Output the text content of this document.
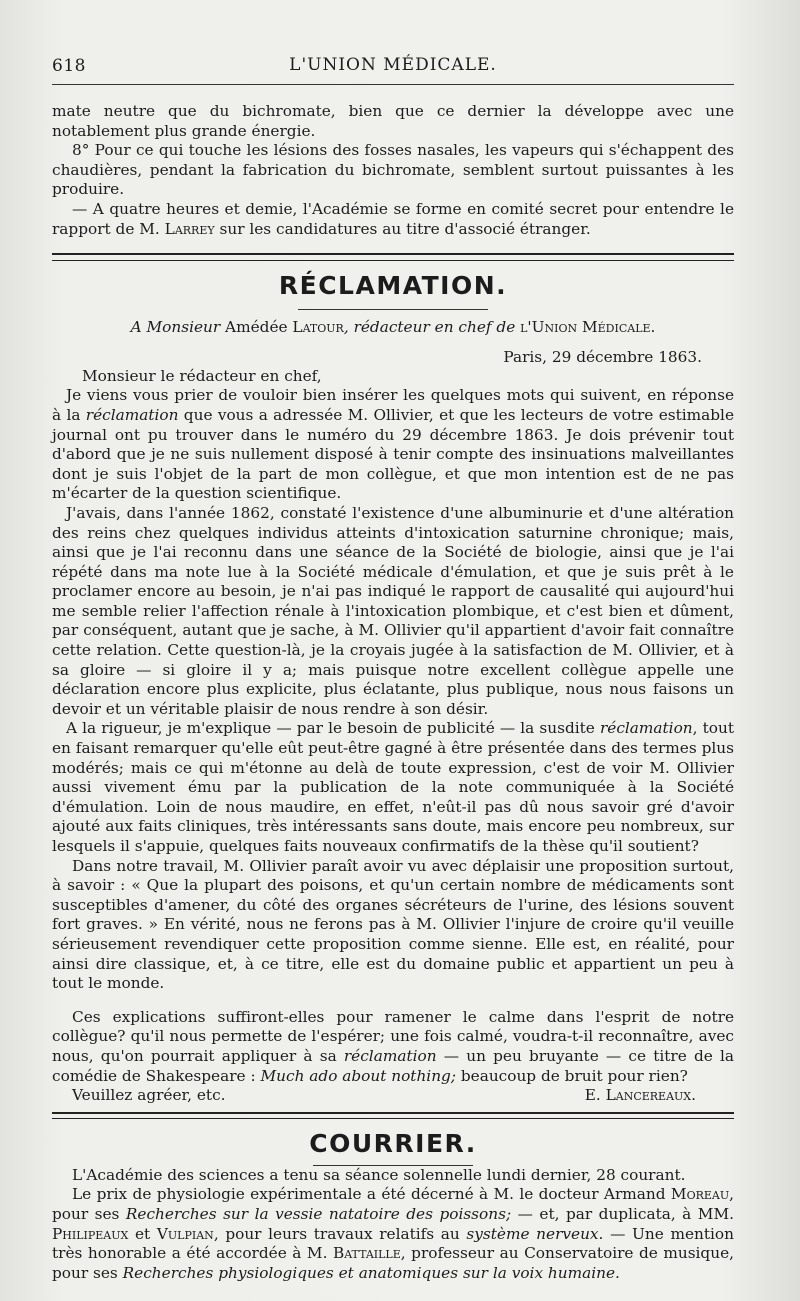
618	L'UNION MÉDICALE.

mate neutre que du bichromate, bien que ce dernier la développe avec une notablement plus grande énergie.

8° Pour ce qui touche les lésions des fosses nasales, les vapeurs qui s'échappent des chaudières, pendant la fabrication du bichromate, semblent surtout puissantes à les produire.

— A quatre heures et demie, l'Académie se forme en comité secret pour entendre le rapport de M. Larrey sur les candidatures au titre d'associé étranger.

RÉCLAMATION.
A Monsieur Amédée Latour, rédacteur en chef de l'Union Médicale.
Paris, 29 décembre 1863.
Monsieur le rédacteur en chef,

Je viens vous prier de vouloir bien insérer les quelques mots qui suivent, en réponse à la réclamation que vous a adressée M. Ollivier, et que les lecteurs de votre estimable journal ont pu trouver dans le numéro du 29 décembre 1863. Je dois prévenir tout d'abord que je ne suis nullement disposé à tenir compte des insinuations malveillantes dont je suis l'objet de la part de mon collègue, et que mon intention est de ne pas m'écarter de la question scientifique.

J'avais, dans l'année 1862, constaté l'existence d'une albuminurie et d'une altération des reins chez quelques individus atteints d'intoxication saturnine chronique; mais, ainsi que je l'ai reconnu dans une séance de la Société de biologie, ainsi que je l'ai répété dans ma note lue à la Société médicale d'émulation, et que je suis prêt à le proclamer encore au besoin, je n'ai pas indiqué le rapport de causalité qui aujourd'hui me semble relier l'affection rénale à l'intoxication plombique, et c'est bien et dûment, par conséquent, autant que je sache, à M. Ollivier qu'il appartient d'avoir fait connaître cette relation. Cette question-là, je la croyais jugée à la satisfaction de M. Ollivier, et à sa gloire — si gloire il y a; mais puisque notre excellent collègue appelle une déclaration encore plus explicite, plus éclatante, plus publique, nous nous faisons un devoir et un véritable plaisir de nous rendre à son désir.

A la rigueur, je m'explique — par le besoin de publicité — la susdite réclamation, tout en faisant remarquer qu'elle eût peut-être gagné à être présentée dans des termes plus modérés; mais ce qui m'étonne au delà de toute expression, c'est de voir M. Ollivier aussi vivement ému par la publication de la note communiquée à la Société d'émulation. Loin de nous maudire, en effet, n'eût-il pas dû nous savoir gré d'avoir ajouté aux faits cliniques, très intéressants sans doute, mais encore peu nombreux, sur lesquels il s'appuie, quelques faits nouveaux confirmatifs de la thèse qu'il soutient?

Dans notre travail, M. Ollivier paraît avoir vu avec déplaisir une proposition surtout, à savoir : « Que la plupart des poisons, et qu'un certain nombre de médicaments sont susceptibles d'amener, du côté des organes sécréteurs de l'urine, des lésions souvent fort graves. » En vérité, nous ne ferons pas à M. Ollivier l'injure de croire qu'il veuille sérieusement revendiquer cette proposition comme sienne. Elle est, en réalité, pour ainsi dire classique, et, à ce titre, elle est du domaine public et appartient un peu à tout le monde.

Ces explications suffiront-elles pour ramener le calme dans l'esprit de notre collègue? qu'il nous permette de l'espérer; une fois calmé, voudra-t-il reconnaître, avec nous, qu'on pourrait appliquer à sa réclamation — un peu bruyante — ce titre de la comédie de Shakespeare : Much ado about nothing; beaucoup de bruit pour rien?

Veuillez agréer, etc.	E. Lancereaux.
COURRIER.

L'Académie des sciences a tenu sa séance solennelle lundi dernier, 28 courant.

Le prix de physiologie expérimentale a été décerné à M. le docteur Armand Moreau, pour ses Recherches sur la vessie natatoire des poissons; — et, par duplicata, à MM. Philipeaux et Vulpian, pour leurs travaux relatifs au système nerveux. — Une mention très honorable a été accordée à M. Battaille, professeur au Conservatoire de musique, pour ses Recherches physiologiques et anatomiques sur la voix humaine.
